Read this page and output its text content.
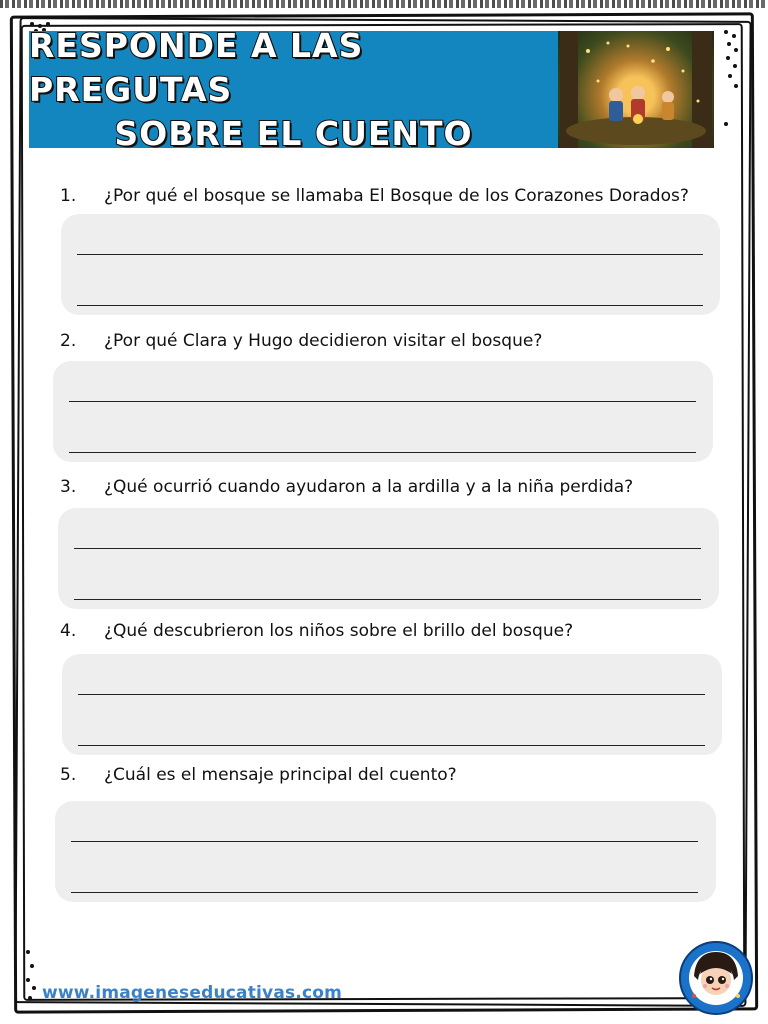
RESPONDE A LAS PREGUTAS
SOBRE EL CUENTO
1. ¿Por qué el bosque se llamaba El Bosque de los Corazones Dorados?
2. ¿Por qué Clara y Hugo decidieron visitar el bosque?
3. ¿Qué ocurrió cuando ayudaron a la ardilla y a la niña perdida?
4. ¿Qué descubrieron los niños sobre el brillo del bosque?
5. ¿Cuál es el mensaje principal del cuento?
www.imageneseducativas.com
